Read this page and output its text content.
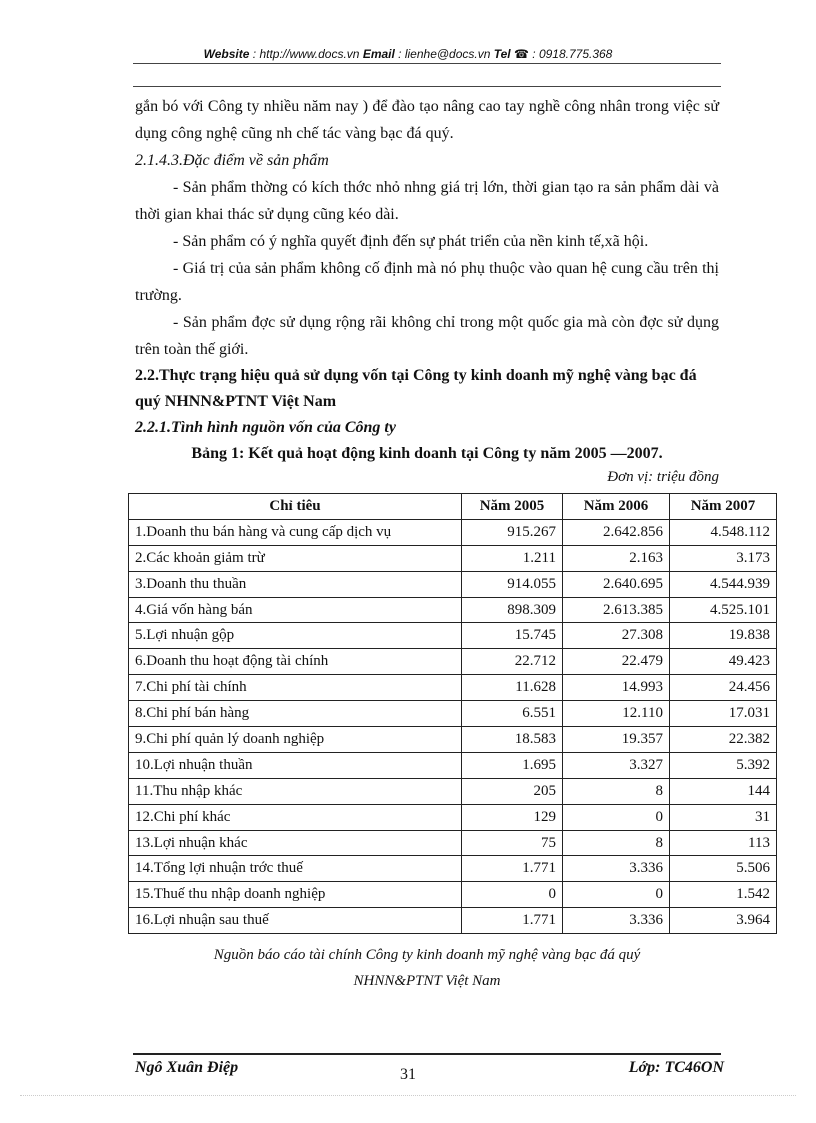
Website : http://www.docs.vn Email : lienhe@docs.vn Tel ☎ : 0918.775.368

gắn bó với Công ty nhiều năm nay ) để đào tạo nâng cao tay nghề công nhân trong việc sử dụng công nghệ cũng nh chế tác vàng bạc đá quý.

2.1.4.3.Đặc điểm về sản phẩm

- Sản phẩm thờng có kích thớc nhỏ nhng giá trị lớn, thời gian tạo ra sản phẩm dài và thời gian khai thác sử dụng cũng kéo dài.

- Sản phẩm có ý nghĩa quyết định đến sự phát triển của nền kinh tế,xã hội.

- Giá trị của sản phẩm không cố định mà nó phụ thuộc vào quan hệ cung cầu trên thị trường.

- Sản phẩm đợc sử dụng rộng rãi không chỉ trong một quốc gia mà còn đợc sử dụng trên toàn thế giới.

2.2.Thực trạng hiệu quả sử dụng vốn tại Công ty kinh doanh mỹ nghệ vàng bạc đá quý NHNN&PTNT Việt Nam

2.2.1.Tình hình nguồn vốn của Công ty

Bảng 1: Kết quả hoạt động kinh doanh tại Công ty năm 2005 —2007.

Đơn vị: triệu đồng

Chỉ tiêu	Năm 2005	Năm 2006	Năm 2007
1.Doanh thu bán hàng và cung cấp dịch vụ	915.267	2.642.856	4.548.112
2.Các khoản giảm trừ	1.211	2.163	3.173
3.Doanh thu thuần	914.055	2.640.695	4.544.939
4.Giá vốn hàng bán	898.309	2.613.385	4.525.101
5.Lợi nhuận gộp	15.745	27.308	19.838
6.Doanh thu hoạt động tài chính	22.712	22.479	49.423
7.Chi phí tài chính	11.628	14.993	24.456
8.Chi phí bán hàng	6.551	12.110	17.031
9.Chi phí quản lý doanh nghiệp	18.583	19.357	22.382
10.Lợi nhuận thuần	1.695	3.327	5.392
11.Thu nhập khác	205	8	144
12.Chi phí khác	129	0	31
13.Lợi nhuận khác	75	8	113
14.Tổng lợi nhuận trớc thuế	1.771	3.336	5.506
15.Thuế thu nhập doanh nghiệp	0	0	1.542
16.Lợi nhuận sau thuế	1.771	3.336	3.964
Nguồn báo cáo tài chính Công ty kinh doanh mỹ nghệ vàng bạc đá quý
NHNN&PTNT Việt Nam
Ngô Xuân Điệp	31	Lớp: TC46ON
